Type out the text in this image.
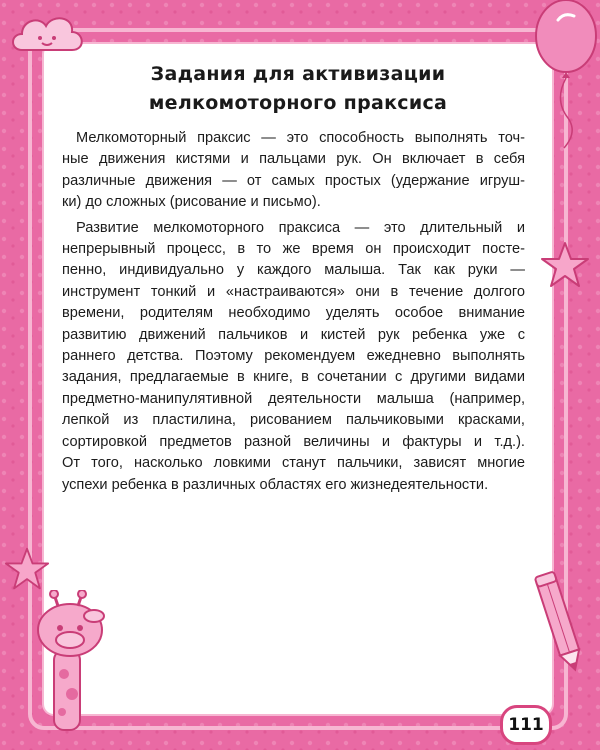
Задания для активизации
мелкомоторного праксиса
Мелкомоторный праксис — это способность выполнять точ-
ные движения кистями и пальцами рук. Он включает в себя
различные движения — от самых простых (удержание игруш-
ки) до сложных (рисование и письмо).
Развитие мелкомоторного праксиса — это длительный и
непрерывный процесс, в то же время он происходит посте-
пенно, индивидуально у каждого малыша. Так как руки —
инструмент тонкий и «настраиваются» они в течение долгого
времени, родителям необходимо уделять особое внимание
развитию движений пальчиков и кистей рук ребенка уже с
раннего детства. Поэтому рекомендуем ежедневно выполнять
задания, предлагаемые в книге, в сочетании с другими видами
предметно-манипулятивной деятельности малыша (например,
лепкой из пластилина, рисованием пальчиковыми красками,
сортировкой предметов разной величины и фактуры и т.д.).
От того, насколько ловкими станут пальчики, зависят многие
успехи ребенка в различных областях его жизнедеятельности.
111
